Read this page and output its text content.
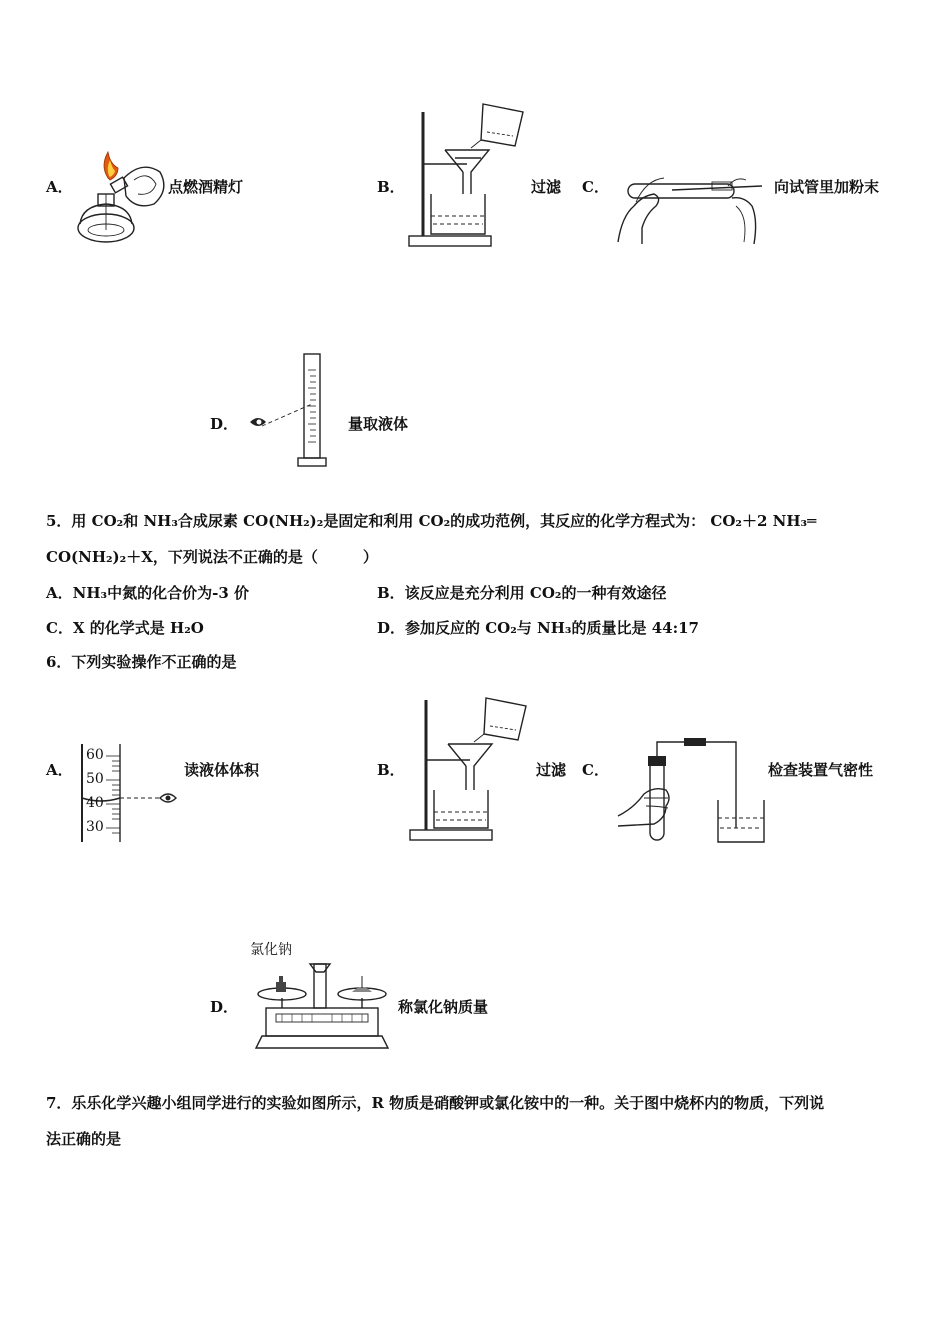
A．	点燃酒精灯	B．	过滤 C．	向试管里加粉末
D．	量取液体
5．用 CO₂和 NH₃合成尿素 CO(NH₂)₂是固定和利用 CO₂的成功范例，其反应的化学方程式为： CO₂＋2 NH₃═
CO(NH₂)₂＋X，下列说法不正确的是（　　　）
A．NH₃中氮的化合价为-3 价	B．该反应是充分利用 CO₂的一种有效途径
C．X 的化学式是 H₂O	D．参加反应的 CO₂与 NH₃的质量比是 44:17
6．下列实验操作不正确的是
A．
60
50
40
30
读液体体积	B．	过滤 C．	检查装置气密性
D．
氯化钠
称氯化钠质量
7．乐乐化学兴趣小组同学进行的实验如图所示，R 物质是硝酸钾或氯化铵中的一种。关于图中烧杯内的物质，下列说
法正确的是
